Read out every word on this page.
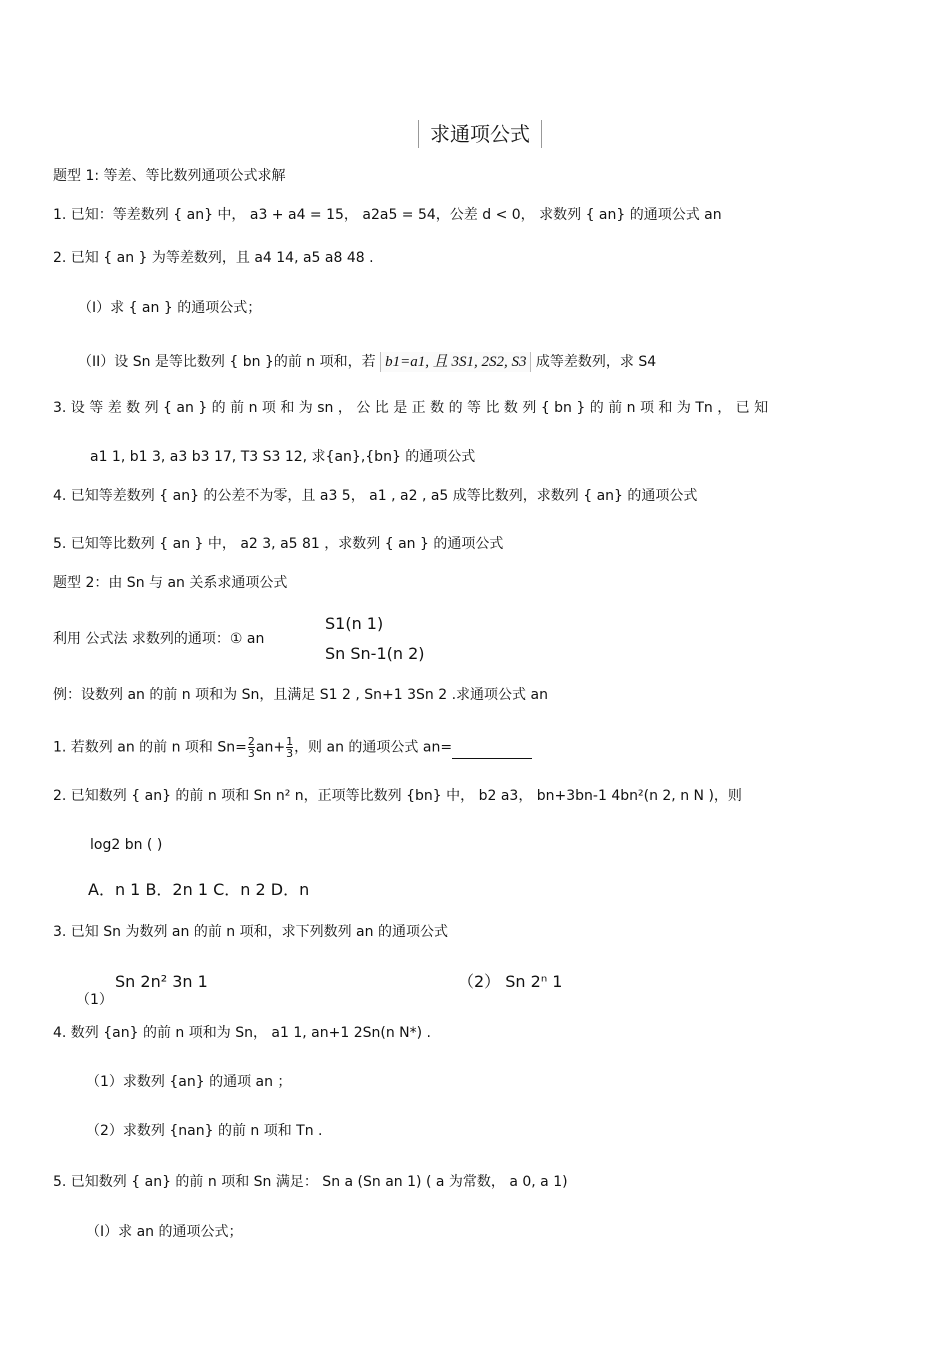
求通项公式
题型 1: 等差、等比数列通项公式求解
1. 已知：等差数列 { an} 中， a3 + a4 = 15， a2a5 = 54，公差 d < 0， 求数列 { an} 的通项公式 an
2. 已知 { an } 为等差数列，且 a4 14, a5 a8 48 .
（I）求 { an } 的通项公式；
（II）设 Sn 是等比数列 { bn }的前 n 项和，若 b1=a1, 且 3S1, 2S2, S3 成等差数列，求 S4
3. 设 等 差 数 列 { an } 的 前 n 项 和 为 sn ， 公 比 是 正 数 的 等 比 数 列 { bn } 的 前 n 项 和 为 Tn ， 已 知
a1 1, b1 3, a3 b3 17, T3 S3 12, 求{an},{bn} 的通项公式
4. 已知等差数列 { an} 的公差不为零，且 a3 5， a1 , a2 , a5 成等比数列，求数列 { an} 的通项公式
5. 已知等比数列 { an } 中， a2 3, a5 81 ，求数列 { an } 的通项公式
题型 2：由 Sn 与 an 关系求通项公式
利用 公式法 求数列的通项：① an
S1(n 1)
Sn Sn-1(n 2)
例：设数列 an 的前 n 项和为 Sn，且满足 S1 2 , Sn+1 3Sn 2 .求通项公式 an
1. 若数列 an 的前 n 项和 $Sn= \frac{2}{3} an+ \frac{1}{3}$ ，则 an 的通项公式 an=
2. 已知数列 { an} 的前 n 项和 Sn n² n，正项等比数列 {bn} 中， b2 a3， bn+3bn-1 4bn²(n 2, n N )，则
log2 bn ( )
A．n 1 B．2n 1 C．n 2 D．n
3. 已知 Sn 为数列 an 的前 n 项和，求下列数列 an 的通项公式
Sn 2n² 3n 1
（1）
（2） Sn 2ⁿ 1
4. 数列 {an} 的前 n 项和为 Sn， a1 1, an+1 2Sn(n N*) .
（1）求数列 {an} 的通项 an ；
（2）求数列 {nan} 的前 n 项和 Tn .
5. 已知数列 { an} 的前 n 项和 Sn 满足： Sn a (Sn an 1) ( a 为常数， a 0, a 1)
（I）求 an 的通项公式；
